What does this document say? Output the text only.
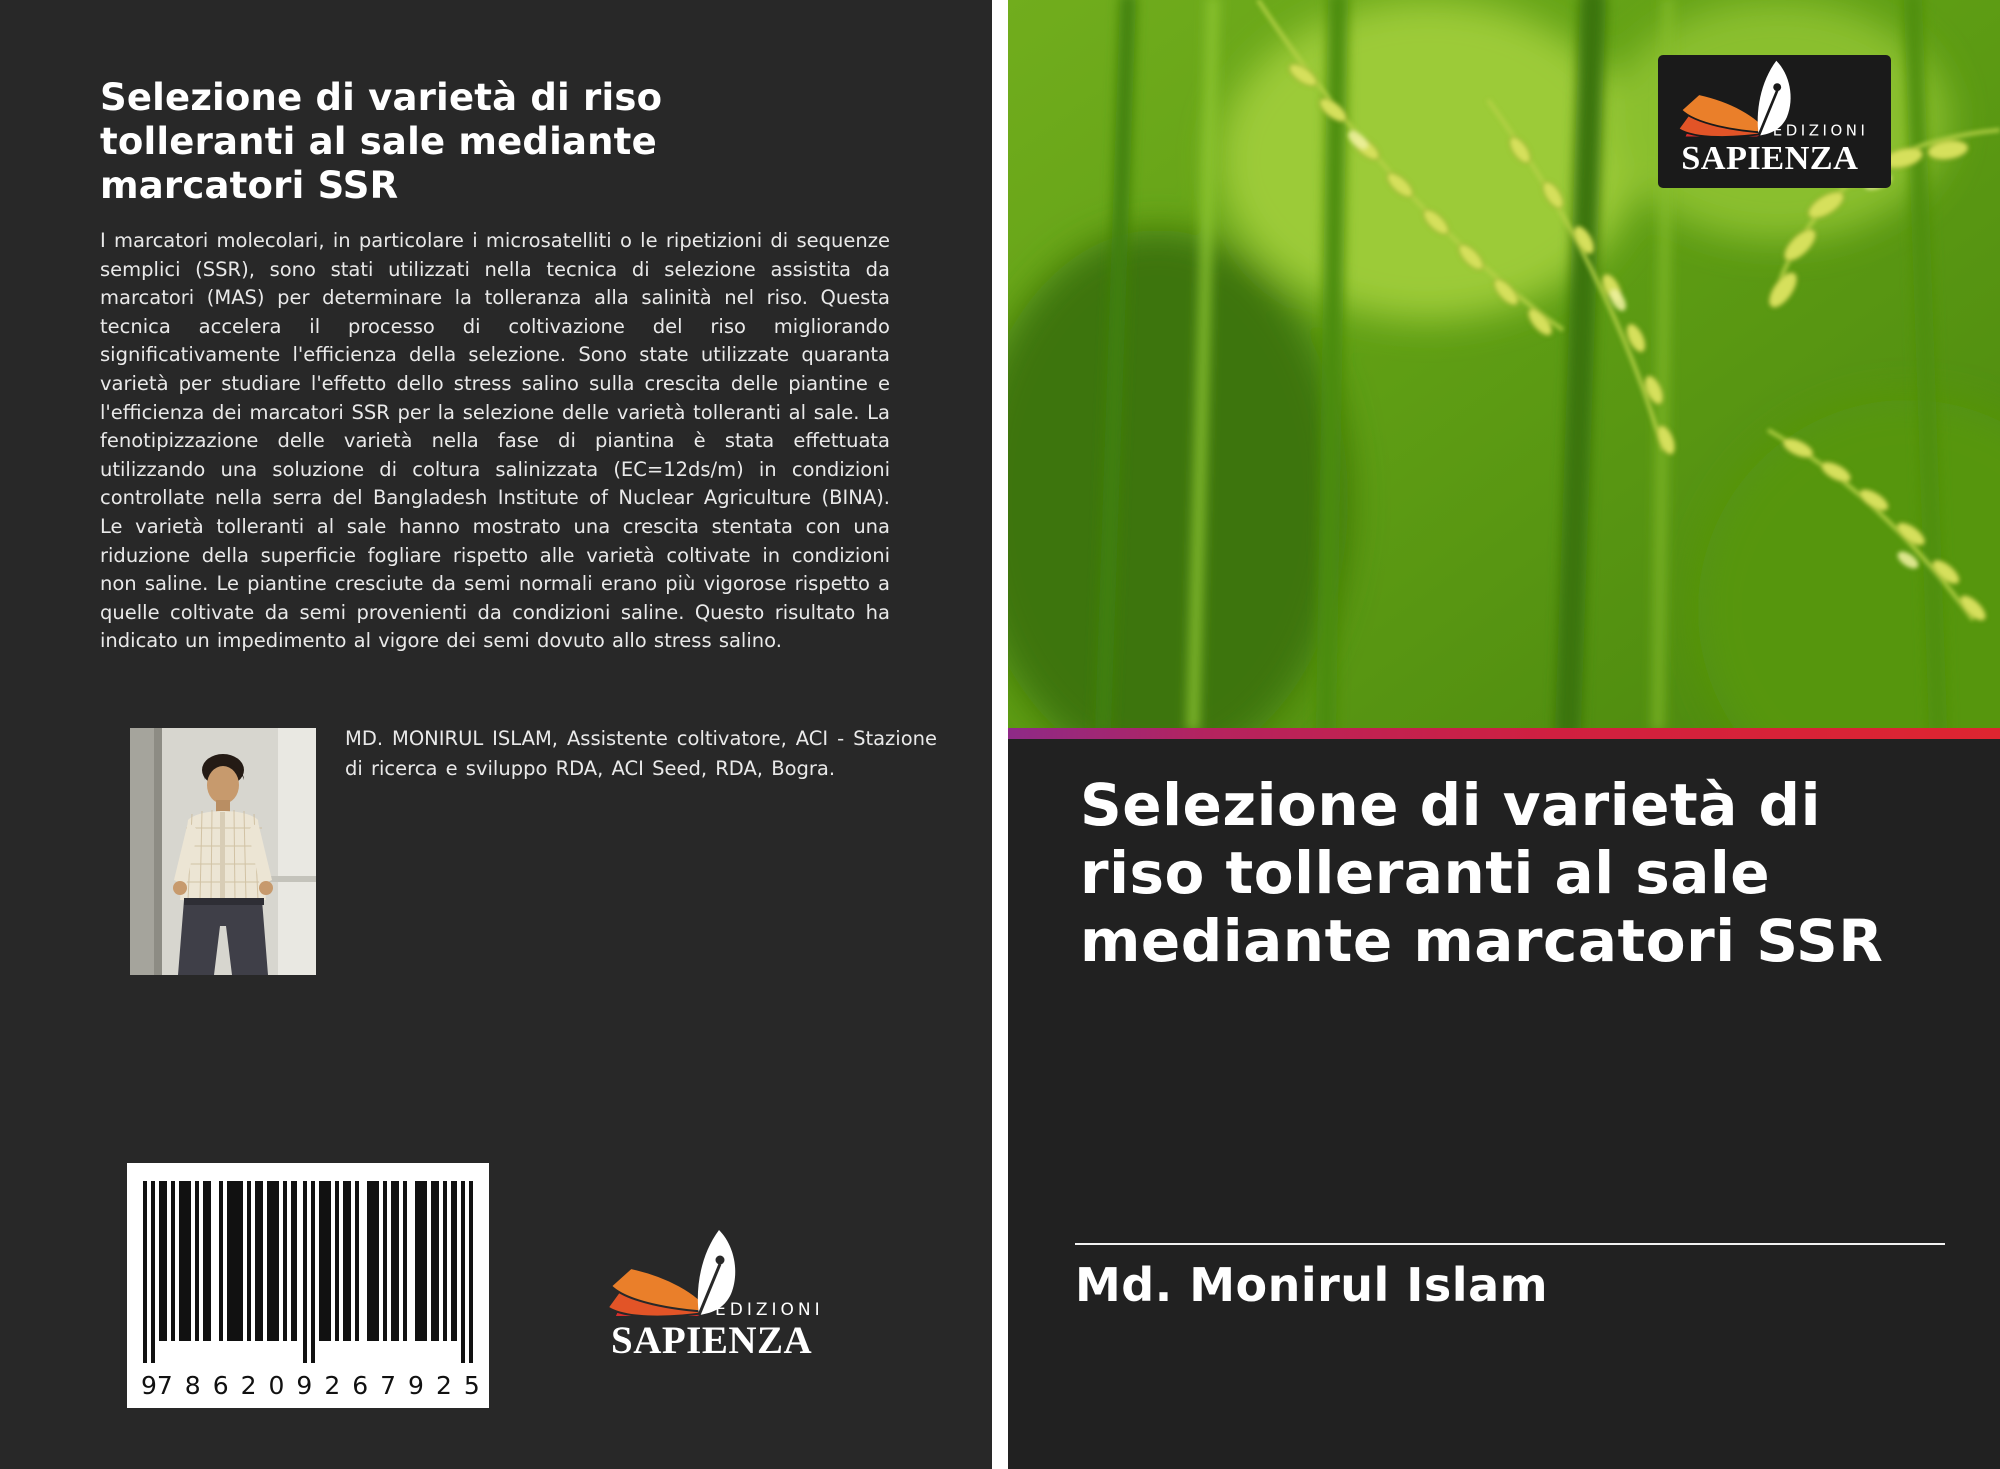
Selezione di varietà di riso
tolleranti al sale mediante
marcatori SSR
I marcatori molecolari, in particolare i microsatelliti o le ripetizioni di sequenze semplici (SSR), sono stati utilizzati nella tecnica di selezione assistita da marcatori (MAS) per determinare la tolleranza alla salinità nel riso. Questa tecnica accelera il processo di coltivazione del riso migliorando significativamente l'efficienza della selezione. Sono state utilizzate quaranta varietà per studiare l'effetto dello stress salino sulla crescita delle piantine e l'efficienza dei marcatori SSR per la selezione delle varietà tolleranti al sale. La fenotipizzazione delle varietà nella fase di piantina è stata effettuata utilizzando una soluzione di coltura salinizzata (EC=12ds/m) in condizioni controllate nella serra del Bangladesh Institute of Nuclear Agriculture (BINA). Le varietà tolleranti al sale hanno mostrato una crescita stentata con una riduzione della superficie fogliare rispetto alle varietà coltivate in condizioni non saline. Le piantine cresciute da semi normali erano più vigorose rispetto a quelle coltivate da semi provenienti da condizioni saline. Questo risultato ha indicato un impedimento al vigore dei semi dovuto allo stress salino.
MD. MONIRUL ISLAM, Assistente coltivatore, ACI - Stazione di ricerca e sviluppo RDA, ACI Seed, RDA, Bogra.
9 786209 267925
EDIZIONI
SAPIENZA
EDIZIONI
SAPIENZA
Selezione di varietà di
riso tolleranti al sale
mediante marcatori SSR
Md. Monirul Islam
